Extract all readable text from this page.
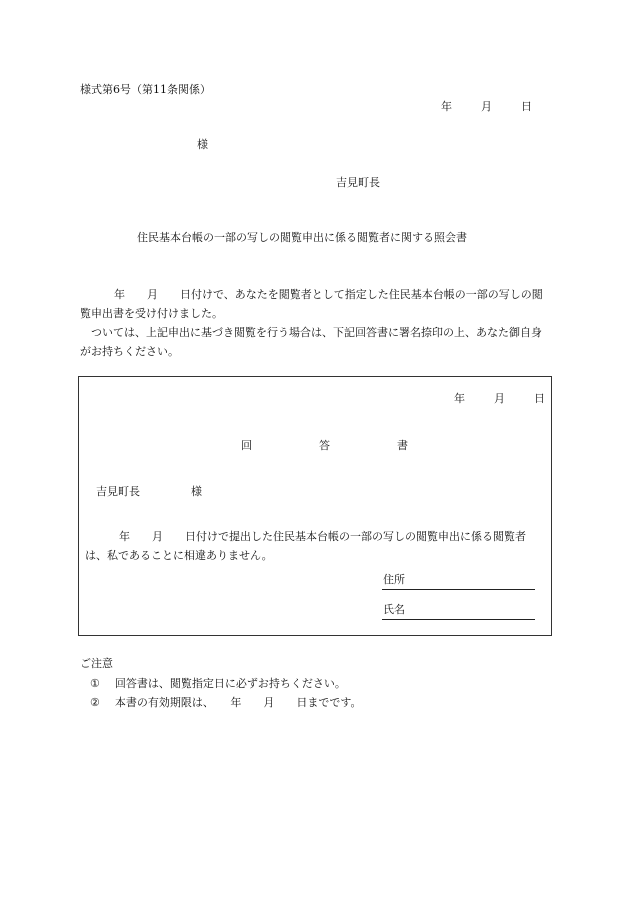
様式第6号（第11条関係）
年	月	日
様
吉見町長
住民基本台帳の一部の写しの閲覧申出に係る閲覧者に関する照会書
年　　月　　日付けで、あなたを閲覧者として指定した住民基本台帳の一部の写しの閲覧申出書を受け付けました。
ついては、上記申出に基づき閲覧を行う場合は、下記回答書に署名捺印の上、あなた御自身がお持ちください。
年	月	日
回	答	書
吉見町長	様
年　　月　　日付けで提出した住民基本台帳の一部の写しの閲覧申出に係る閲覧者は、私であることに相違ありません。
住所
氏名
ご注意
① 回答書は、閲覧指定日に必ずお持ちください。
② 本書の有効期限は、　　年　　月　　日までです。
